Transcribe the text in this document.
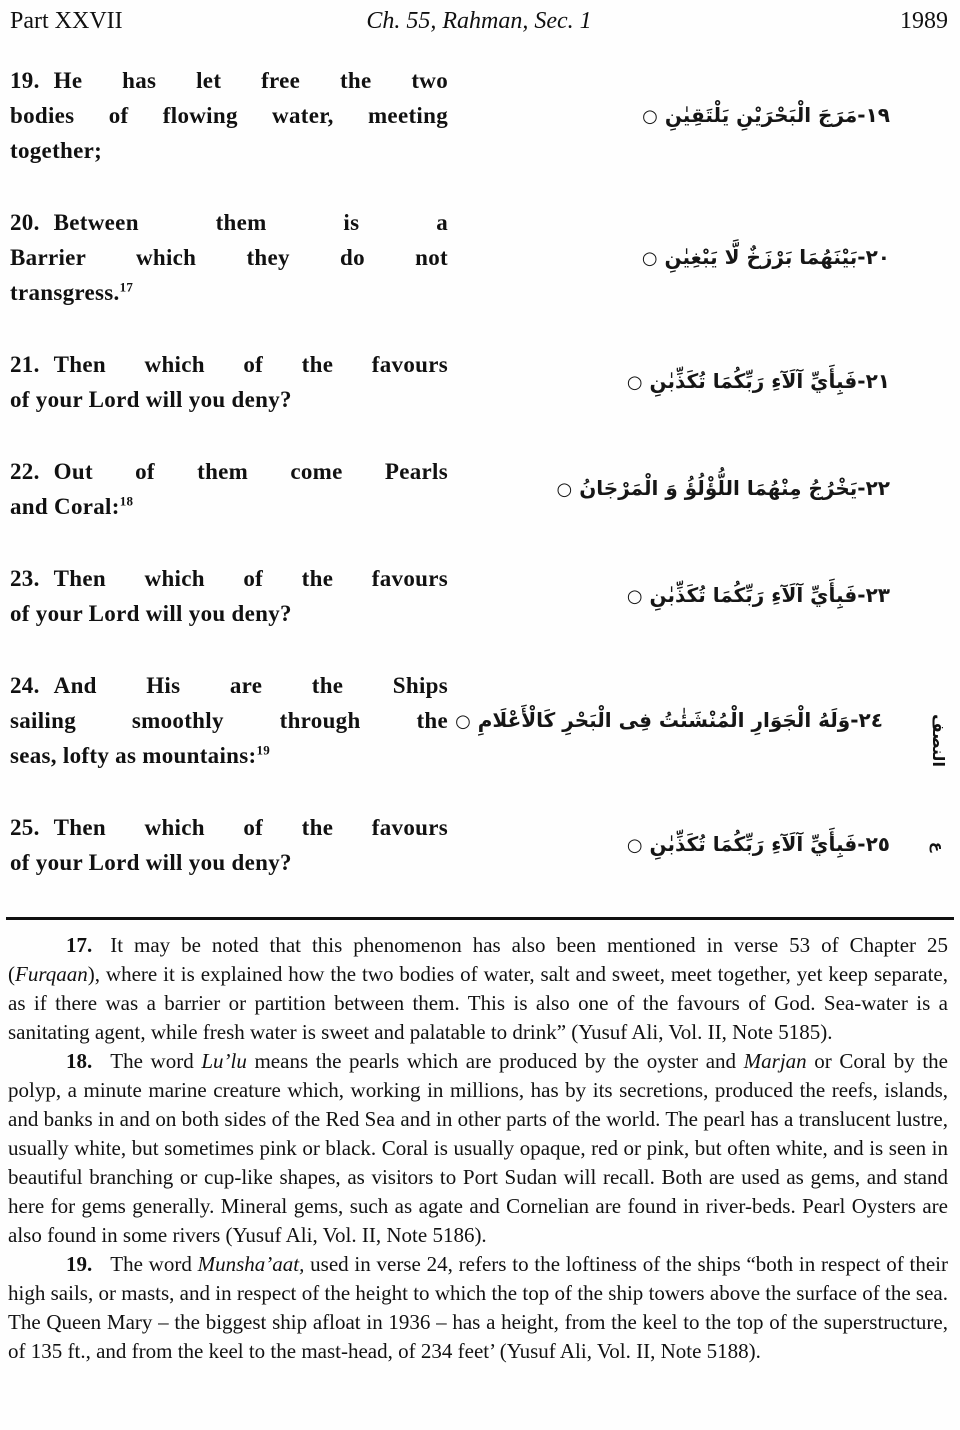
Part XXVII	Ch. 55, Rahman, Sec. 1	1989
19. He has let free the two
bodies of flowing water, meeting
together;
١٩-مَرَجَ الْبَحْرَيْنِ يَلْتَقِيٰنِ ○
20. Between them is a
Barrier which they do not
transgress.$^{17}$
٢٠-بَيْنَهُمَا بَرْزَخٌ لَّا يَبْغِيٰنِ ○
21. Then which of the favours
of your Lord will you deny?
٢١-فَبِأَيِّ آلَآءِ رَبِّكُمَا تُكَذِّبٰنِ ○
22. Out of them come Pearls
and Coral:$^{18}$
٢٢-يَخْرُجُ مِنْهُمَا اللُّؤْلُؤُ وَ الْمَرْجَانُ ○
23. Then which of the favours
of your Lord will you deny?
٢٣-فَبِأَيِّ آلَآءِ رَبِّكُمَا تُكَذِّبٰنِ ○
24. And His are the Ships
sailing smoothly through the
seas, lofty as mountains:$^{19}$
٢٤-وَلَهُ الْجَوَارِ الْمُنْشَئٰتُ فِى الْبَحْرِ كَالْأَعْلَامِ ○
25. Then which of the favours
of your Lord will you deny?
٢٥-فَبِأَيِّ آلَآءِ رَبِّكُمَا تُكَذِّبٰنِ ○
النصف
ع

17. It may be noted that this phenomenon has also been mentioned in verse 53 of Chapter 25 (Furqaan), where it is explained how the two bodies of water, salt and sweet, meet together, yet keep separate, as if there was a barrier or partition between them. This is also one of the favours of God. Sea-water is a sanitating agent, while fresh water is sweet and palatable to drink” (Yusuf Ali, Vol. II, Note 5185).

18. The word Lu’lu means the pearls which are produced by the oyster and Marjan or Coral by the polyp, a minute marine creature which, working in millions, has by its secretions, produced the reefs, islands, and banks in and on both sides of the Red Sea and in other parts of the world. The pearl has a translucent lustre, usually white, but sometimes pink or black. Coral is usually opaque, red or pink, but often white, and is seen in beautiful branching or cup-like shapes, as visitors to Port Sudan will recall. Both are used as gems, and stand here for gems generally. Mineral gems, such as agate and Cornelian are found in river-beds. Pearl Oysters are also found in some rivers (Yusuf Ali, Vol. II, Note 5186).

19. The word Munsha’aat, used in verse 24, refers to the loftiness of the ships “both in respect of their high sails, or masts, and in respect of the height to which the top of the ship towers above the surface of the sea. The Queen Mary – the biggest ship afloat in 1936 – has a height, from the keel to the top of the superstructure, of 135 ft., and from the keel to the mast-head, of 234 feet’ (Yusuf Ali, Vol. II, Note 5188).
